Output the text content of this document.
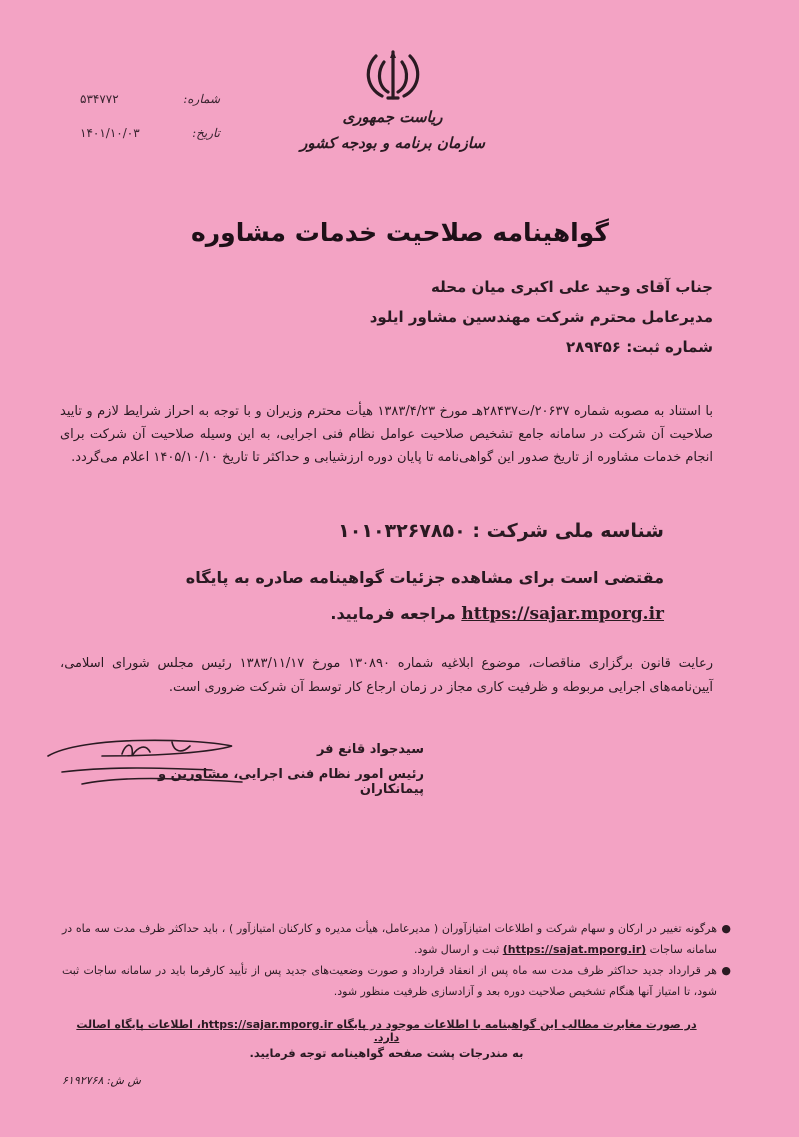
شماره:
۵۳۴۷۷۲
تاریخ:
۱۴۰۱/۱۰/۰۳
ریاست جمهوری
سازمان برنامه و بودجه کشور
گواهینامه صلاحیت خدمات مشاوره
جناب آقای وحید علی اکبری میان محله
مدیرعامل محترم شرکت مهندسین مشاور ایلود
شماره ثبت: ۲۸۹۴۵۶
با استناد به مصوبه شماره ۲۰۶۳۷/ت۲۸۴۳۷هـ مورخ ۱۳۸۳/۴/۲۳ هیأت محترم وزیران و با توجه به احراز شرایط لازم و تایید صلاحیت آن شرکت در سامانه جامع تشخیص صلاحیت عوامل نظام فنی اجرایی، به این وسیله صلاحیت آن شرکت برای انجام خدمات مشاوره از تاریخ صدور این گواهی‌نامه تا پایان دوره ارزشیابی و حداکثر تا تاریخ ۱۴۰۵/۱۰/۱۰ اعلام می‌گردد.
شناسه ملی شرکت : ۱۰۱۰۳۲۶۷۸۵۰
مقتضی است برای مشاهده جزئیات گواهینامه صادره به پایگاه
https://sajar.mporg.ir مراجعه فرمایید.
رعایت قانون برگزاری مناقصات، موضوع ابلاغیه شماره ۱۳۰۸۹۰ مورخ ۱۳۸۳/۱۱/۱۷ رئیس مجلس شورای اسلامی، آیین‌نامه‌های اجرایی مربوطه و ظرفیت کاری مجاز در زمان ارجاع کار توسط آن شرکت ضروری است.
سیدجواد قانع فر
رئیس امور نظام فنی اجرایی، مشاورین و پیمانکاران
●
هرگونه تغییر در ارکان و سهام شرکت و اطلاعات امتیازآوران ( مدیرعامل، هیأت مدیره و کارکنان امتیازآور ) ، باید حداکثر ظرف مدت سه ماه در سامانه ساجات (https://sajat.mporg.ir) ثبت و ارسال شود.
●
هر قرارداد جدید حداکثر ظرف مدت سه ماه پس از انعقاد قرارداد و صورت وضعیت‌های جدید پس از تأیید کارفرما باید در سامانه ساجات ثبت شود، تا امتیاز آنها هنگام تشخیص صلاحیت دوره بعد و آزادسازی ظرفیت منظور شود.
در صورت مغایرت مطالب این گواهینامه با اطلاعات موجود در پایگاه https://sajar.mporg.ir، اطلاعات پایگاه اصالت دارد.
به مندرجات پشت صفحه گواهینامه توجه فرمایید.
ش ش: ۶۱۹۲۷۶۸
